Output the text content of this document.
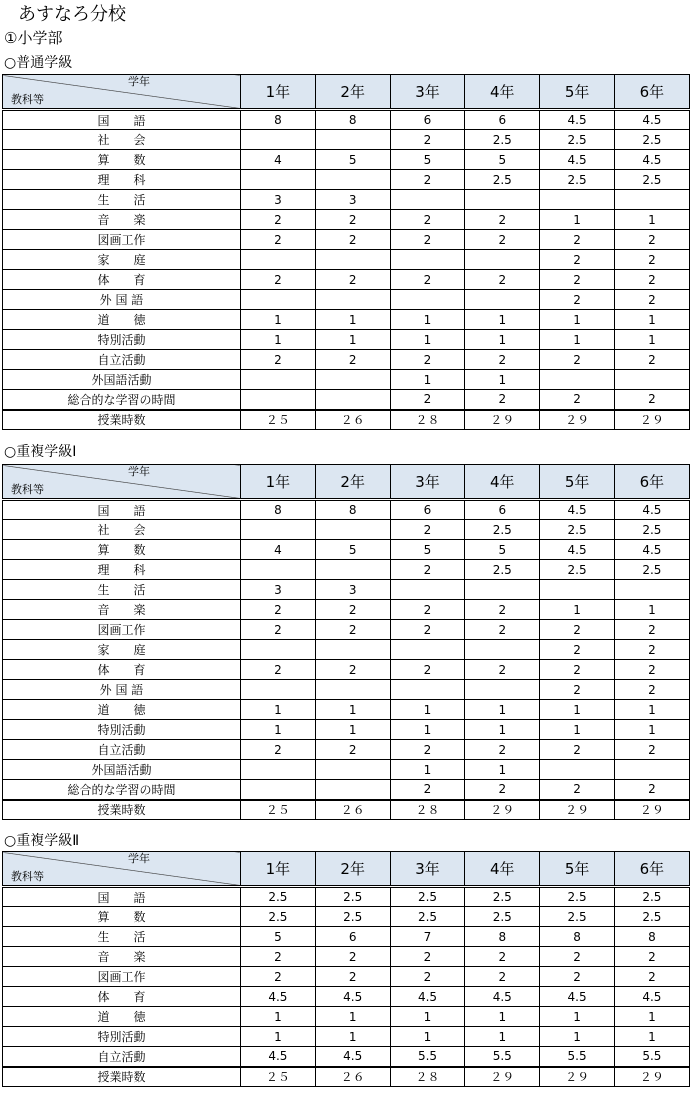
あすなろ分校
①小学部
○普通学級
学年
教科等	1年	2年	3年	4年	5年	6年
国　　語	8	8	6	6	4.5	4.5
社　　会			2	2.5	2.5	2.5
算　　数	4	5	5	5	4.5	4.5
理　　科			2	2.5	2.5	2.5
生　　活	3	3				
音　　楽	2	2	2	2	1	1
図画工作	2	2	2	2	2	2
家　　庭					2	2
体　　育	2	2	2	2	2	2
外 国 語					2	2
道　　徳	1	1	1	1	1	1
特別活動	1	1	1	1	1	1
自立活動	2	2	2	2	2	2
外国語活動			1	1		
総合的な学習の時間			2	2	2	2
授業時数	２５	２６	２８	２９	２９	２９
○重複学級Ⅰ
学年
教科等	1年	2年	3年	4年	5年	6年
国　　語	8	8	6	6	4.5	4.5
社　　会			2	2.5	2.5	2.5
算　　数	4	5	5	5	4.5	4.5
理　　科			2	2.5	2.5	2.5
生　　活	3	3				
音　　楽	2	2	2	2	1	1
図画工作	2	2	2	2	2	2
家　　庭					2	2
体　　育	2	2	2	2	2	2
外 国 語					2	2
道　　徳	1	1	1	1	1	1
特別活動	1	1	1	1	1	1
自立活動	2	2	2	2	2	2
外国語活動			1	1		
総合的な学習の時間			2	2	2	2
授業時数	２５	２６	２８	２９	２９	２９
○重複学級Ⅱ
学年
教科等	1年	2年	3年	4年	5年	6年
国　　語	2.5	2.5	2.5	2.5	2.5	2.5
算　　数	2.5	2.5	2.5	2.5	2.5	2.5
生　　活	5	6	7	8	8	8
音　　楽	2	2	2	2	2	2
図画工作	2	2	2	2	2	2
体　　育	4.5	4.5	4.5	4.5	4.5	4.5
道　　徳	1	1	1	1	1	1
特別活動	1	1	1	1	1	1
自立活動	4.5	4.5	5.5	5.5	5.5	5.5
授業時数	２５	２６	２８	２９	２９	２９
